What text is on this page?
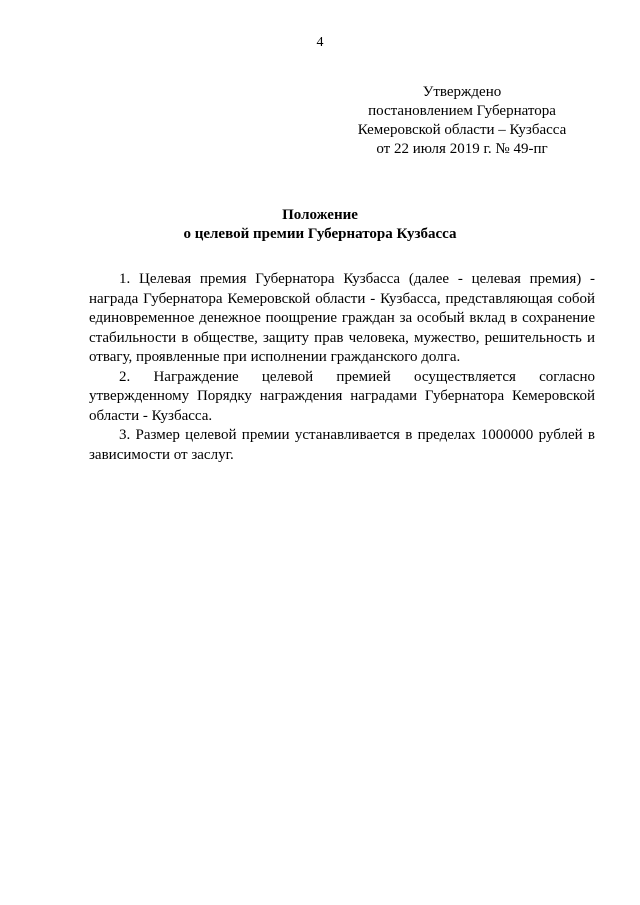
4
Утверждено
постановлением Губернатора
Кемеровской области – Кузбасса
от 22 июля 2019 г. № 49-пг
Положение
о целевой премии Губернатора Кузбасса

1. Целевая премия Губернатора Кузбасса (далее - целевая премия) - награда Губернатора Кемеровской области - Кузбасса, представляющая собой единовременное денежное поощрение граждан за особый вклад в сохранение стабильности в обществе, защиту прав человека, мужество, решительность и отвагу, проявленные при исполнении гражданского долга.

2. Награждение целевой премией осуществляется согласно утвержденному Порядку награждения наградами Губернатора Кемеровской области - Кузбасса.

3. Размер целевой премии устанавливается в пределах 1000000 рублей в зависимости от заслуг.
